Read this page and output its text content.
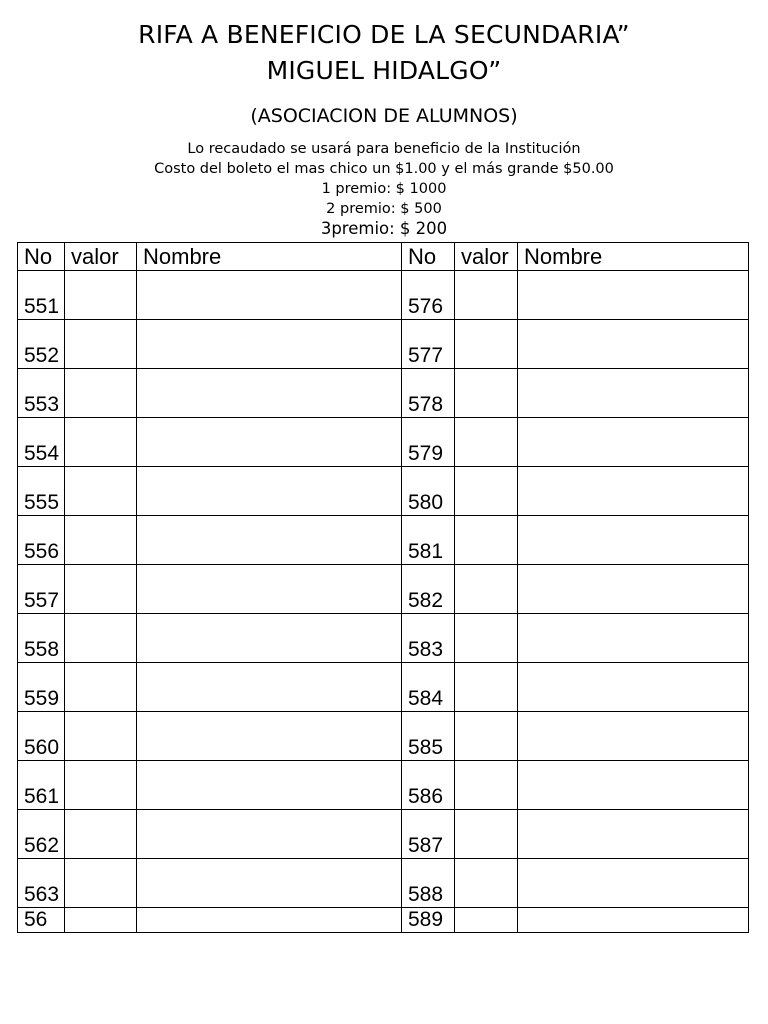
RIFA A BENEFICIO DE LA SECUNDARIA”
MIGUEL HIDALGO”
(ASOCIACION DE ALUMNOS)
Lo recaudado se usará para beneficio de la Institución
Costo del boleto el mas chico un $1.00 y el más grande $50.00
1 premio: $ 1000
2 premio: $ 500
3premio: $ 200
No	valor	Nombre	No	valor	Nombre
551			576		
552			577		
553			578		
554			579		
555			580		
556			581		
557			582		
558			583		
559			584		
560			585		
561			586		
562			587		
563			588		
56			589		
